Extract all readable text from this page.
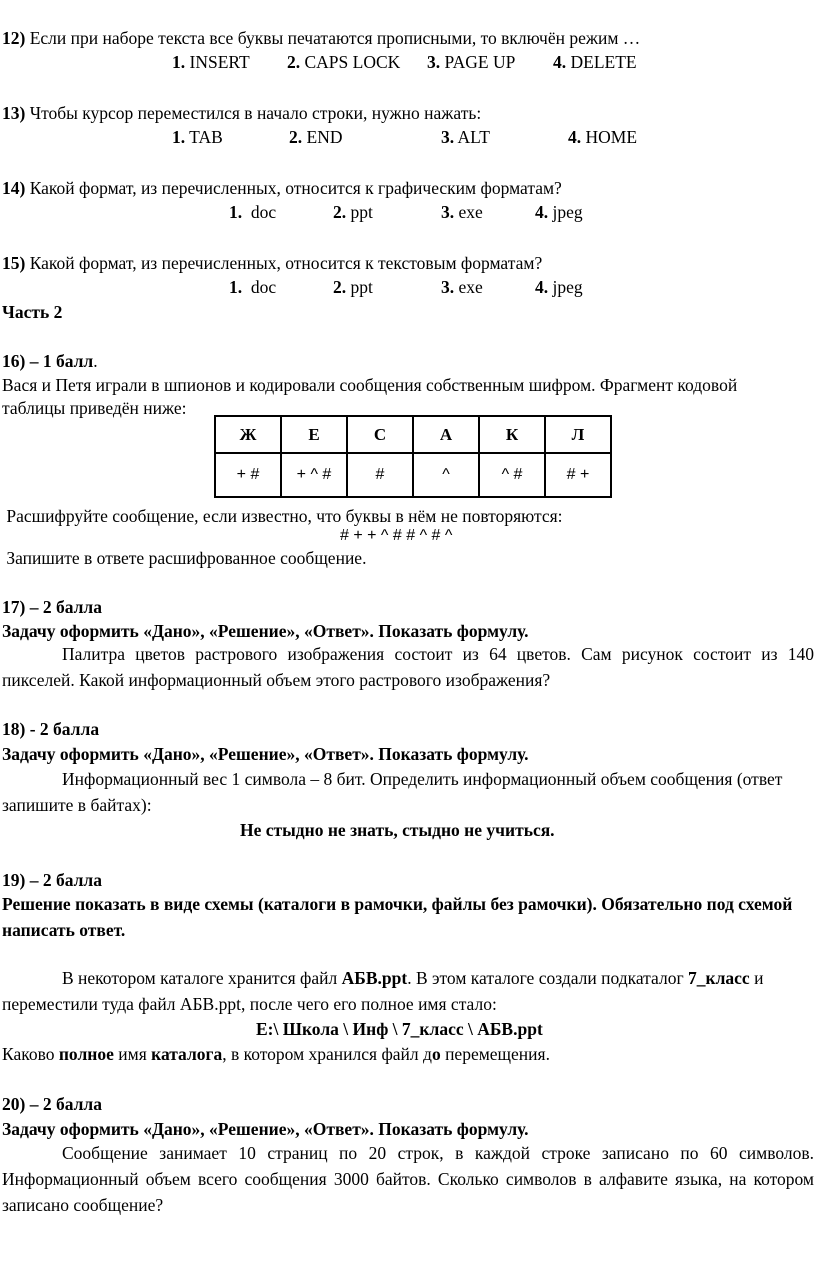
12) Если при наборе текста все буквы печатаются прописными, то включён режим …
1. INSERT 2. CAPS LOCK 3. PAGE UP 4. DELETE
13) Чтобы курсор переместился в начало строки, нужно нажать:
1. TAB	2. END	3. ALT	4. HOME
14) Какой формат, из перечисленных, относится к графическим форматам?
1.  doc	2. ppt	3. exe	4. jpeg
15) Какой формат, из перечисленных, относится к текстовым форматам?
1.  doc	2. ppt	3. exe	4. jpeg
Часть 2
16) – 1 балл.
Вася и Петя играли в шпионов и кодировали сообщения собственным шифром. Фрагмент кодовой
таблицы приведён ниже:
Ж	Е	С	А	К	Л
+ #	+ ^ #	#	^	^ #	# +
Расшифруйте сообщение, если известно, что буквы в нём не повторяются:
# + + ^ # # ^ # ^
Запишите в ответе расшифрованное сообщение.
17) – 2 балла
Задачу оформить «Дано», «Решение», «Ответ». Показать формулу.
Палитра цветов растрового изображения состоит из 64 цветов. Сам рисунок состоит из 140 пикселей. Какой информационный объем этого растрового изображения?
18) - 2 балла
Задачу оформить «Дано», «Решение», «Ответ». Показать формулу.
Информационный вес 1 символа – 8 бит. Определить информационный объем сообщения (ответ запишите в байтах):
Не стыдно не знать, стыдно не учиться.
19) – 2 балла
Решение показать в виде схемы (каталоги в рамочки, файлы без рамочки). Обязательно под схемой написать ответ.
В некотором каталоге хранится файл АБВ.ppt. В этом каталоге создали подкаталог 7_класс и
переместили туда файл АБВ.ppt, после чего его полное имя стало:
E:\ Школа \ Инф \ 7_класс \ АБВ.ppt
Каково полное имя каталога, в котором хранился файл до перемещения.
20) – 2 балла
Задачу оформить «Дано», «Решение», «Ответ». Показать формулу.
Сообщение занимает 10 страниц по 20 строк, в каждой строке записано по 60 символов. Информационный объем всего сообщения 3000 байтов. Сколько символов в алфавите языка, на котором записано сообщение?
